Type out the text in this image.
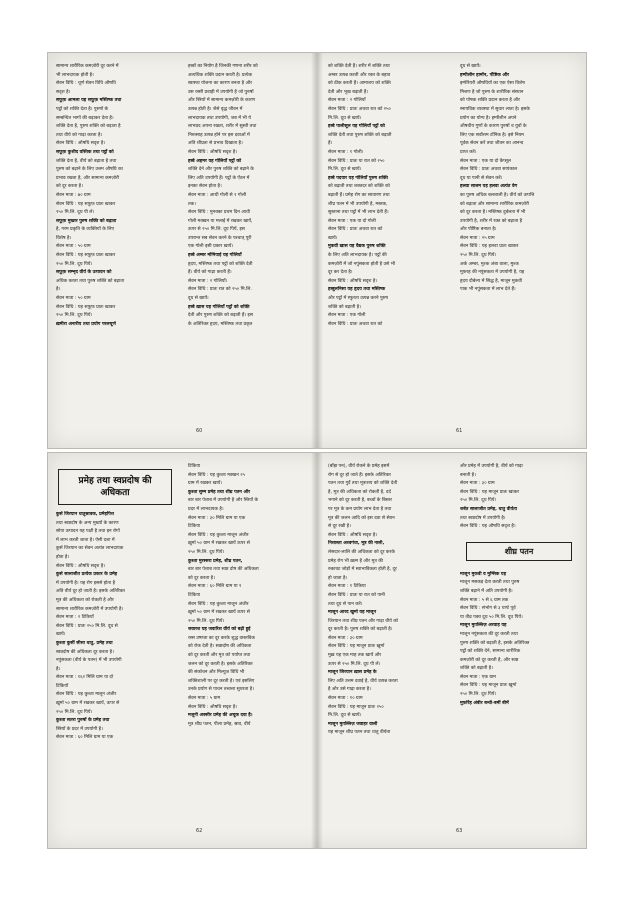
सामान्य शारीरिक कमज़ोरी दूर करने में
भी लाभदायक होती है।
सेवन विधि : चूर्ण सेवन विधि औषधि
सदृश है।
सफ़ूफ़ आमला यह सफ़ूफ़ मस्तिष्क तथा
पट्ठों को शक्ति देता है। पुरुषों के
सम्बन्धित भागों की बढ़ाकर देता है।
शक्ति देता है, पुरुष शक्ति को बढ़ाता है
तथा वीर्य को गाढ़ा करता है।
सेवन विधि : औषधि सदृश है।
सफ़ूफ़ कुशीद वस्तिक तथा पट्ठों को
शक्ति देता है, वीर्य को बढ़ाता है तथा
पुरुष को बढ़ाने के लिए उत्तम औषधि का
प्रभाव रखता है, और सामान्य कमज़ोरी
को दूर करता है।
सेवन मात्रा : ७० ग्राम
सेवन विधि : यह सफ़ूफ़ प्रातः खाकर
२५० मि.लि. दूध पी लें।
सफ़ूफ़ मुख्तर पुरुष शक्ति को बढ़ाता
है, गरम प्रकृति के व्यक्तियों के लिए
विशेष है।
सेवन मात्रा : ५० ग्राम
सेवन विधि : यह सफ़ूफ़ प्रातः खाकर
२५० मि.लि. दूध पियें।
सफ़ूफ़ सम्भृद वीर्य के उत्पादन को
अधिक करता तथा पुरुष शक्ति को बढ़ाता
है।
सेवन मात्रा : ५० ग्राम
सेवन विधि : यह सफ़ूफ़ प्रातः खाकर
२५० मि.लि. दूध पियें।
ख़मीरा अनारीय तथा प्रयोग परलचूर्ण
हब्बों का नियोग है जिनकी गणना शरीर को
अत्यधिक शक्ति प्रदान करती है। प्रत्येक
स्वास्थ्य योजना का कारण बनता है और
उस रस्सी प्रवाही में उपयोगी है जो पुरुषों
और स्त्रियों में सामान्य कमज़ोरी के कारण
उत्पन्न होती है। जैसे वृद्ध जीवन में
लाभदायक तथा उपयोगी, जब में भी ये
लाभप्रद अपना रखता, शरीर में सुस्ती तथा
निरुत्साह उत्पन्न होने पर इस दवाओं में
अति शीघ्रता से प्रभाव दिखाता है।
सेवन विधि : औषधि सदृश है।
हब्बे अहमर यह गोलियाँ पट्ठों को
शक्ति देने और पुरुष शक्ति को बढ़ाने के
लिए अति उपयोगी हैं। पट्ठों के ऐंठन में
इनका सेवन होता है।
सेवन मात्रा : आधी गोली से १ गोली
तक।
सेवन विधि : मुनक्का प्रथम दिन आधी
गोली मक्खन या मलाई में रखकर खायें,
ऊपर से २५० मि.लि. दूध पियें, इस
उपरान्त सब सेवन करने के पश्चात् पूरी
एक गोली इसी प्रकार खायें।
हब्बे अम्बर मोमियाई यह गोलियाँ
हृदय, मस्तिष्क तथा पट्ठों को शक्ति देती
हैं। वीर्य को गाढ़ा करती हैं।
सेवन मात्रा : २ गोलियाँ।
सेवन विधि : प्रातः रात को २५० मि.लि.
दूध से खायें।
हब्बे ख़ास यह गोलियाँ पट्ठों को शक्ति
देती और पुरुष शक्ति को बढ़ाती हैं। इस
के अतिरिक्त हृदय, मस्तिष्क तथा प्रकृत
60
को शक्ति देती हैं। शरीर में शक्ति तथा
अम्बर उत्पन्न करती और रक्त के बहाव
को ठीक करती हैं। आमाशय को शक्ति
देती और भूख बढ़ाती हैं।
सेवन मात्रा : २ गोलियाँ
सेवन विधि : प्रातः अथवा रात को २५०
मि.लि. दूध से खायें।
हब्बे पालीसूल यह गोलियाँ पट्ठों को
शक्ति देती तथा पुरुष शक्ति को बढ़ाती
हैं।
सेवन मात्रा : १ गोली।
सेवन विधि : प्रातः या रात को २५०
मि.लि. दूध से खायें।
हब्बे पदयार यह गोलियाँ पुरुष शक्ति
को बढ़ाती तथा शक्तदर को शक्ति को
बढ़ाती हैं। प्रमेह रोग का साधारण तथा
शीघ्र पतन में भी उपयोगी है, मस्तक,
सुस्ताना तथा पट्ठों में भी लाभ देती हैं।
सेवन मात्रा : एक या दो गोली
सेवन विधि : प्रातः अथवा रात को
खायें।
मुकवी ख़ास यह वैद्यक पुरुष शक्ति
के लिए अति लाभदायक है। पट्ठों की
कमज़ोरी में जो नपुंसकता होती है उसे भी
दूर कर देता है।
सेवन विधि : औषधि सदृश है।
हब्बुलनिसा यह हृदय तथा मस्तिष्क
और पट्ठों में स्फुरता उत्पन्न करने पुरुष
शक्ति को बढ़ाती है।
सेवन मात्रा : एक गोली
सेवन विधि : प्रातः अथवा रात को
दूध से खायें।
हम्पीलीन हार्मोन, पौष्टिक और
इम्पेरियरी औषधियों का एक ऐसा विशेष
मिश्रण है जो पुरुष के शारीरिक संस्थान
को पोषक शक्ति प्रदान करता है और
स्नायविक व्यवस्था में सुधार लाता है। इसके
प्रयोग का योग्य है। हम्पीलीन अपने
औषधीय गुणों के कारण पुरुषों व युवों के
लिए एक सर्वोत्तम टॉनिक है। इसे नियम
पूर्वक सेवन करें तथा जीवन का आनन्द
प्राप्त करें।
सेवन मात्रा : एक या दो कैप्सूल
सेवन विधि : प्रातः अथवा सायंकाल
दूध या पानी से सेवन करें।
हलवा सालम यह हलवा अत्यंत वेग
का पुरुष अधिक बलशाली है। वीर्य को उत्पत्ति
को बढ़ाता और सामान्य शारीरिक कमज़ोरी
को दूर करता है। मस्तिष्क दुर्बलता में भी
उपयोगी है, शरीर में रक्त को बढ़ाता है
और पौष्टिक बनाता है।
सेवन मात्रा : २५ ग्राम
सेवन विधि : यह हलवा प्रातः खाकर
२५० मि.लि. दूध पियें।
अर्क अम्बर, मुश्क अंबा वाला, मुश्क
मुफ़रह की नपुंसकता में उपयोगी है, यह
हृदय दौर्बल्य में सिद्ध है, माजून मुकवी
पाक भी नपुंसकता में लाभ देते हैं।
61
प्रमेह तथा स्वप्नदोष की अधिकता
कुर्स जिरयान धातुस्रावक, प्रमेहपित्त
तथा स्वप्नदोष के अन्य मुख्यों के कारण
सोया उत्पादन यह पक्षी है तथा इन रोगों
में लाभ करती जाता है। ऐसी दशा में
कुर्स जिरयान का सेवन अत्यंत लाभदायक
होता है।
सेवन विधि : औषधि सदृश है।
कुर्स सालाजीत प्रत्येक प्रकार के प्रमेह
में उपयोगी है। यह रोग इससे होता है
अति वीर्य दूर हो जाती है। इसके अतिरिक्त
मूत्र की अधिकता को रोकती है और
सामान्य शारीरिक कमज़ोरी में उपयोगी है।
सेवन मात्रा : २ टिकियाँ
सेवन विधि : प्रातः २५० मि.लि. दूध से
खायें।
कुश्ता कुर्सी सीसा धातु, प्रमेह तथा
स्वप्नदोष की अधिकता दूर करता है।
नपुंसकता (वीर्य के पतन) में भी उपयोगी
है।
सेवन मात्रा : १६२ मिलि ग्राम या दो
टिकियाँ
सेवन विधि : यह कुश्ता मालून अंजीर
ख़ुर्मा ५० ग्राम में रखकर खायें, ऊपर से
२५० मि.लि. दूध पियें।
कुश्ता सतरा पुरुषों के प्रमेह तथा
स्त्रियों के प्रदर में उपयोगी है।
सेवन मात्रा : ६० मिलि ग्राम या एक
टिकिया
सेवन विधि : यह कुश्ता मक्खन २५
ग्राम में रखकर खायें।
कुश्ता सुम्म प्रमेह तथा शीघ्र पतन और
बार बार पेशाब में उपयोगी है और स्त्रियों के
प्रदर में लाभदायक है।
सेवन मात्रा : ३० मिलि ग्राम या एक
टिकिया
सेवन विधि : यह कुश्ता माजून अंजीर
ख़ुर्मा ५० ग्राम में रखकर खायें ऊपर से
२५० मि.लि. दूध पियें।
कुश्ता मुरस्सरा प्रमेह, शीघ्र पतन,
बार बार पेशाब तथा स्वप्न दोष की अधिकता
को दूर करता है।
सेवन मात्रा : ६० मिलि ग्राम या १
टिकिया
सेवन विधि : यह कुश्ता माजून अंजीर
ख़ुर्मा ५० ग्राम में रखकर खायें ऊपर से
२५० मि.लि. दूध पियें।
जवारश यह जवारिश वीर्य को बढ़ी हुई
रस्स उष्णता का दूर करके शुद्ध वास्तविक
को रोक देती है। स्वप्नदोष की अधिकता
को दूर करती और मूत्र को पर्याप्त तथा
जलन को दूर करती है। इसके अतिरिक्त
की संकोचन और मिल्युज विधि भी
शक्तिशाली पर दूर करती है। एवं इसलिए
उनके प्रयोग से पाचन तत्त्वत्ता सुधरता है।
सेवन मात्रा : ५ ग्राम
सेवन विधि : औषधि सदृश है।
मजूनी अक्सीर प्रमेह की अचूक दवा है।
मूत्र शीघ्र पतन, पीला प्रमेह, स्राव, वीर्य
62
(बाँझ पन), वीर्य रोकने के प्रमेह इसमें
रोग से दूर हो जाते हैं। इसके अतिरिक्त
पतन तथा गुर्दे तथा मूत्राशय को शक्ति देती
है, मूत्र की अधिकता को रोकती है, दर्द
भगाने को दूर करती है, बच्चों के बिस्तर
पर मूत्र के कम प्रयोग लाभ देता है तथा
मूत्र की जलन आदि को इस दवा से सेवन
से दूर रखी है।
सेवन विधि : औषधि सदृश है।
निशास्ता अश्वगंधा, मूत्र की नाली,
लेसदार-लालि की अधिकता को दूर करके
प्रमेह रोग भी ख़त्म है और मूत्र की
रुकावट जोड़ों में स्वाभाविकता होती है, दूर
हो जाता है।
सेवन मात्रा : १ टिकिया
सेवन विधि : प्रातः या रात को पानी
तथा दूध से पान करें।
माजून आरद खुर्मा यह माजून
जिरयान तथा शीघ्र पतन और गाढ़ा वीर्य को
दूर करती है। पुरुष शक्ति को बढ़ाती है।
सेवन मात्रा : ३० ग्राम
सेवन विधि : यह माजून प्रातः ख़ुर्मा
मुख़ यह एक माह तक खायें और
ऊपर से २५० मि.लि. दूध पी लें।
माजून जिरयान ख़ास प्रमेह के
लिए अति उत्तम दवाई है, वीर्य उत्पन्न करता
है और उसे गाढ़ा करता है।
सेवन मात्रा : १० ग्राम
सेवन विधि : यह माजून प्रातः २५०
मि.लि. दूध से खायें।
माजून मुग़ल्लिज़ जवाहर वाली
यह माजून शीघ्र पतन तथा धातु वीर्यता
और प्रमेह में उपयोगी है, वीर्य को गाढ़ा
बनाती है।
सेवन मात्रा : ३० ग्राम
सेवन विधि : यह माजून प्रातः खाकर
२५० मि.लि. दूध पियें।
शर्बत सालाजीत प्रमेह, धातु वीर्यता
तथा स्वप्नदोष में उपयोगी है।
सेवन विधि : यह औषधि सदृश है।
शीघ्र पतन
माजून मुकवी व मुम्सिक यह
माजून मसकड़ देता करती तथा पुरुष
शक्ति बढ़ाने में अति उपयोगी है।
सेवन मात्रा : ५ से ६ ग्राम तक
सेवन विधि : संभोग से ३ घण्टे पूर्व
या तीव्र पक्व दूध ५० मि.लि. दूध पियें।
माजून मुग़ल्लिज़ अरवाह यह
माजून नपुंसकता की दूर करती तथा
पुरुष शक्ति को बढ़ाती है, इसके अतिरिक्त
पट्ठों को शक्ति देने, सामान्य शारीरिक
कमज़ोरी को दूर करती है, और स्वप्न
शक्ति को बढ़ाती है।
सेवन मात्रा : एक ग्राम
सेवन विधि : यह माजून प्रातः ख़ुर्मा
२५० मि.लि. दूध पियें।
मुफ़र्रिह अंबीर बन्धी-बर्मी बीमें
63
